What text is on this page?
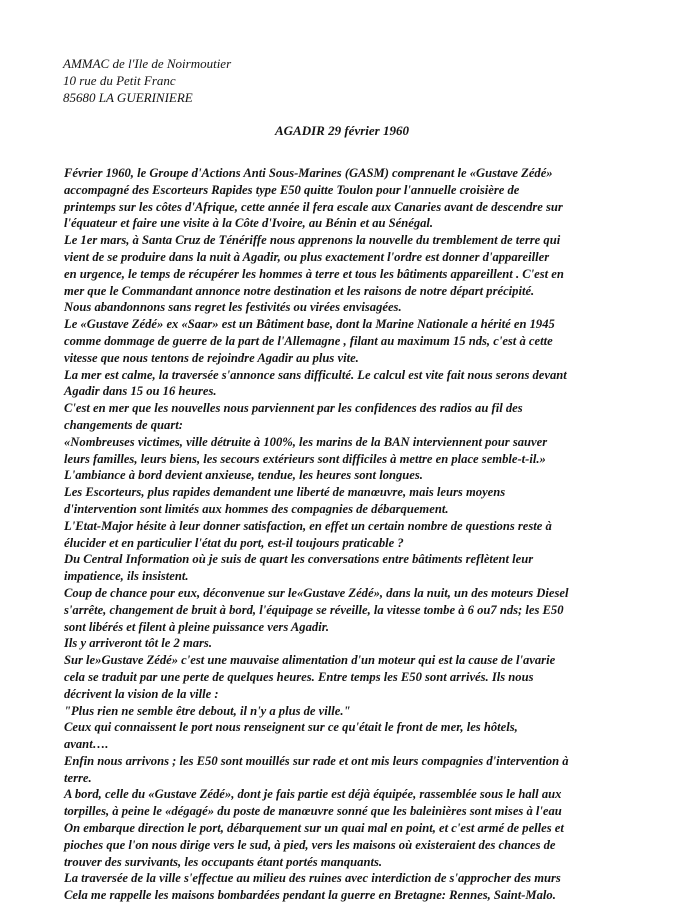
AMMAC de l'Ile de Noirmoutier
10 rue du Petit Franc
85680 LA GUERINIERE
AGADIR 29 février 1960
Février 1960, le Groupe d'Actions Anti Sous-Marines (GASM) comprenant le «Gustave Zédé»
accompagné des Escorteurs Rapides type E50 quitte Toulon pour l'annuelle croisière de
printemps sur les côtes d'Afrique, cette année il fera escale aux Canaries avant de descendre sur
l'équateur et faire une visite à la Côte d'Ivoire, au Bénin et au Sénégal.
Le 1er mars, à Santa Cruz de Ténériffe nous apprenons la nouvelle du tremblement de terre qui
vient de se produire dans la nuit à Agadir, ou plus exactement l'ordre est donner d'appareiller
en urgence, le temps de récupérer les hommes à terre et tous les bâtiments appareillent . C'est en
mer que le Commandant annonce notre destination et les raisons de notre départ précipité.
Nous abandonnons sans regret les festivités ou virées envisagées.
Le «Gustave Zédé» ex «Saar» est un Bâtiment base, dont la Marine Nationale a hérité en 1945
comme dommage de guerre de la part de l'Allemagne , filant au maximum 15 nds, c'est à cette
vitesse que nous tentons de rejoindre Agadir au plus vite.
La mer est calme, la traversée s'annonce sans difficulté. Le calcul est vite fait nous serons devant
Agadir dans 15 ou 16 heures.
C'est en mer que les nouvelles nous parviennent par les confidences des radios au fil des
changements de quart:
«Nombreuses victimes, ville détruite à 100%, les marins de la BAN interviennent pour sauver
leurs familles, leurs biens, les secours extérieurs sont difficiles à mettre en place semble-t-il.»
L'ambiance à bord devient anxieuse, tendue, les heures sont longues.
Les Escorteurs, plus rapides demandent une liberté de manœuvre, mais leurs moyens
d'intervention sont limités aux hommes des compagnies de débarquement.
L'Etat-Major hésite à leur donner satisfaction, en effet un certain nombre de questions reste à
élucider et en particulier l'état du port, est-il toujours praticable ?
Du Central Information où je suis de quart les conversations entre bâtiments reflètent leur
impatience, ils insistent.
Coup de chance pour eux, déconvenue sur le«Gustave Zédé», dans la nuit, un des moteurs Diesel
s'arrête, changement de bruit à bord, l'équipage se réveille, la vitesse tombe à 6 ou7 nds; les E50
sont libérés et filent à pleine puissance vers Agadir.
Ils y arriveront tôt le 2 mars.
Sur le»Gustave Zédé» c'est une mauvaise alimentation d'un moteur qui est la cause de l'avarie
cela se traduit par une perte de quelques heures. Entre temps les E50 sont arrivés. Ils nous
décrivent la vision de la ville :
"Plus rien ne semble être debout, il n'y a plus de ville."
Ceux qui connaissent le port nous renseignent sur ce qu'était le front de mer, les hôtels,
avant….
Enfin nous arrivons ; les E50 sont mouillés sur rade et ont mis leurs compagnies d'intervention à
terre.
A bord, celle du «Gustave Zédé», dont je fais partie est déjà équipée, rassemblée sous le hall aux
torpilles, à peine le «dégagé» du poste de manœuvre sonné que les baleinières sont mises à l'eau
On embarque direction le port, débarquement sur un quai mal en point, et c'est armé de pelles et
pioches que l'on nous dirige vers le sud, à pied, vers les maisons où existeraient des chances de
trouver des survivants, les occupants étant portés manquants.
La traversée de la ville s'effectue au milieu des ruines avec interdiction de s'approcher des murs
Cela me rappelle les maisons bombardées pendant la guerre en Bretagne: Rennes, Saint-Malo.
